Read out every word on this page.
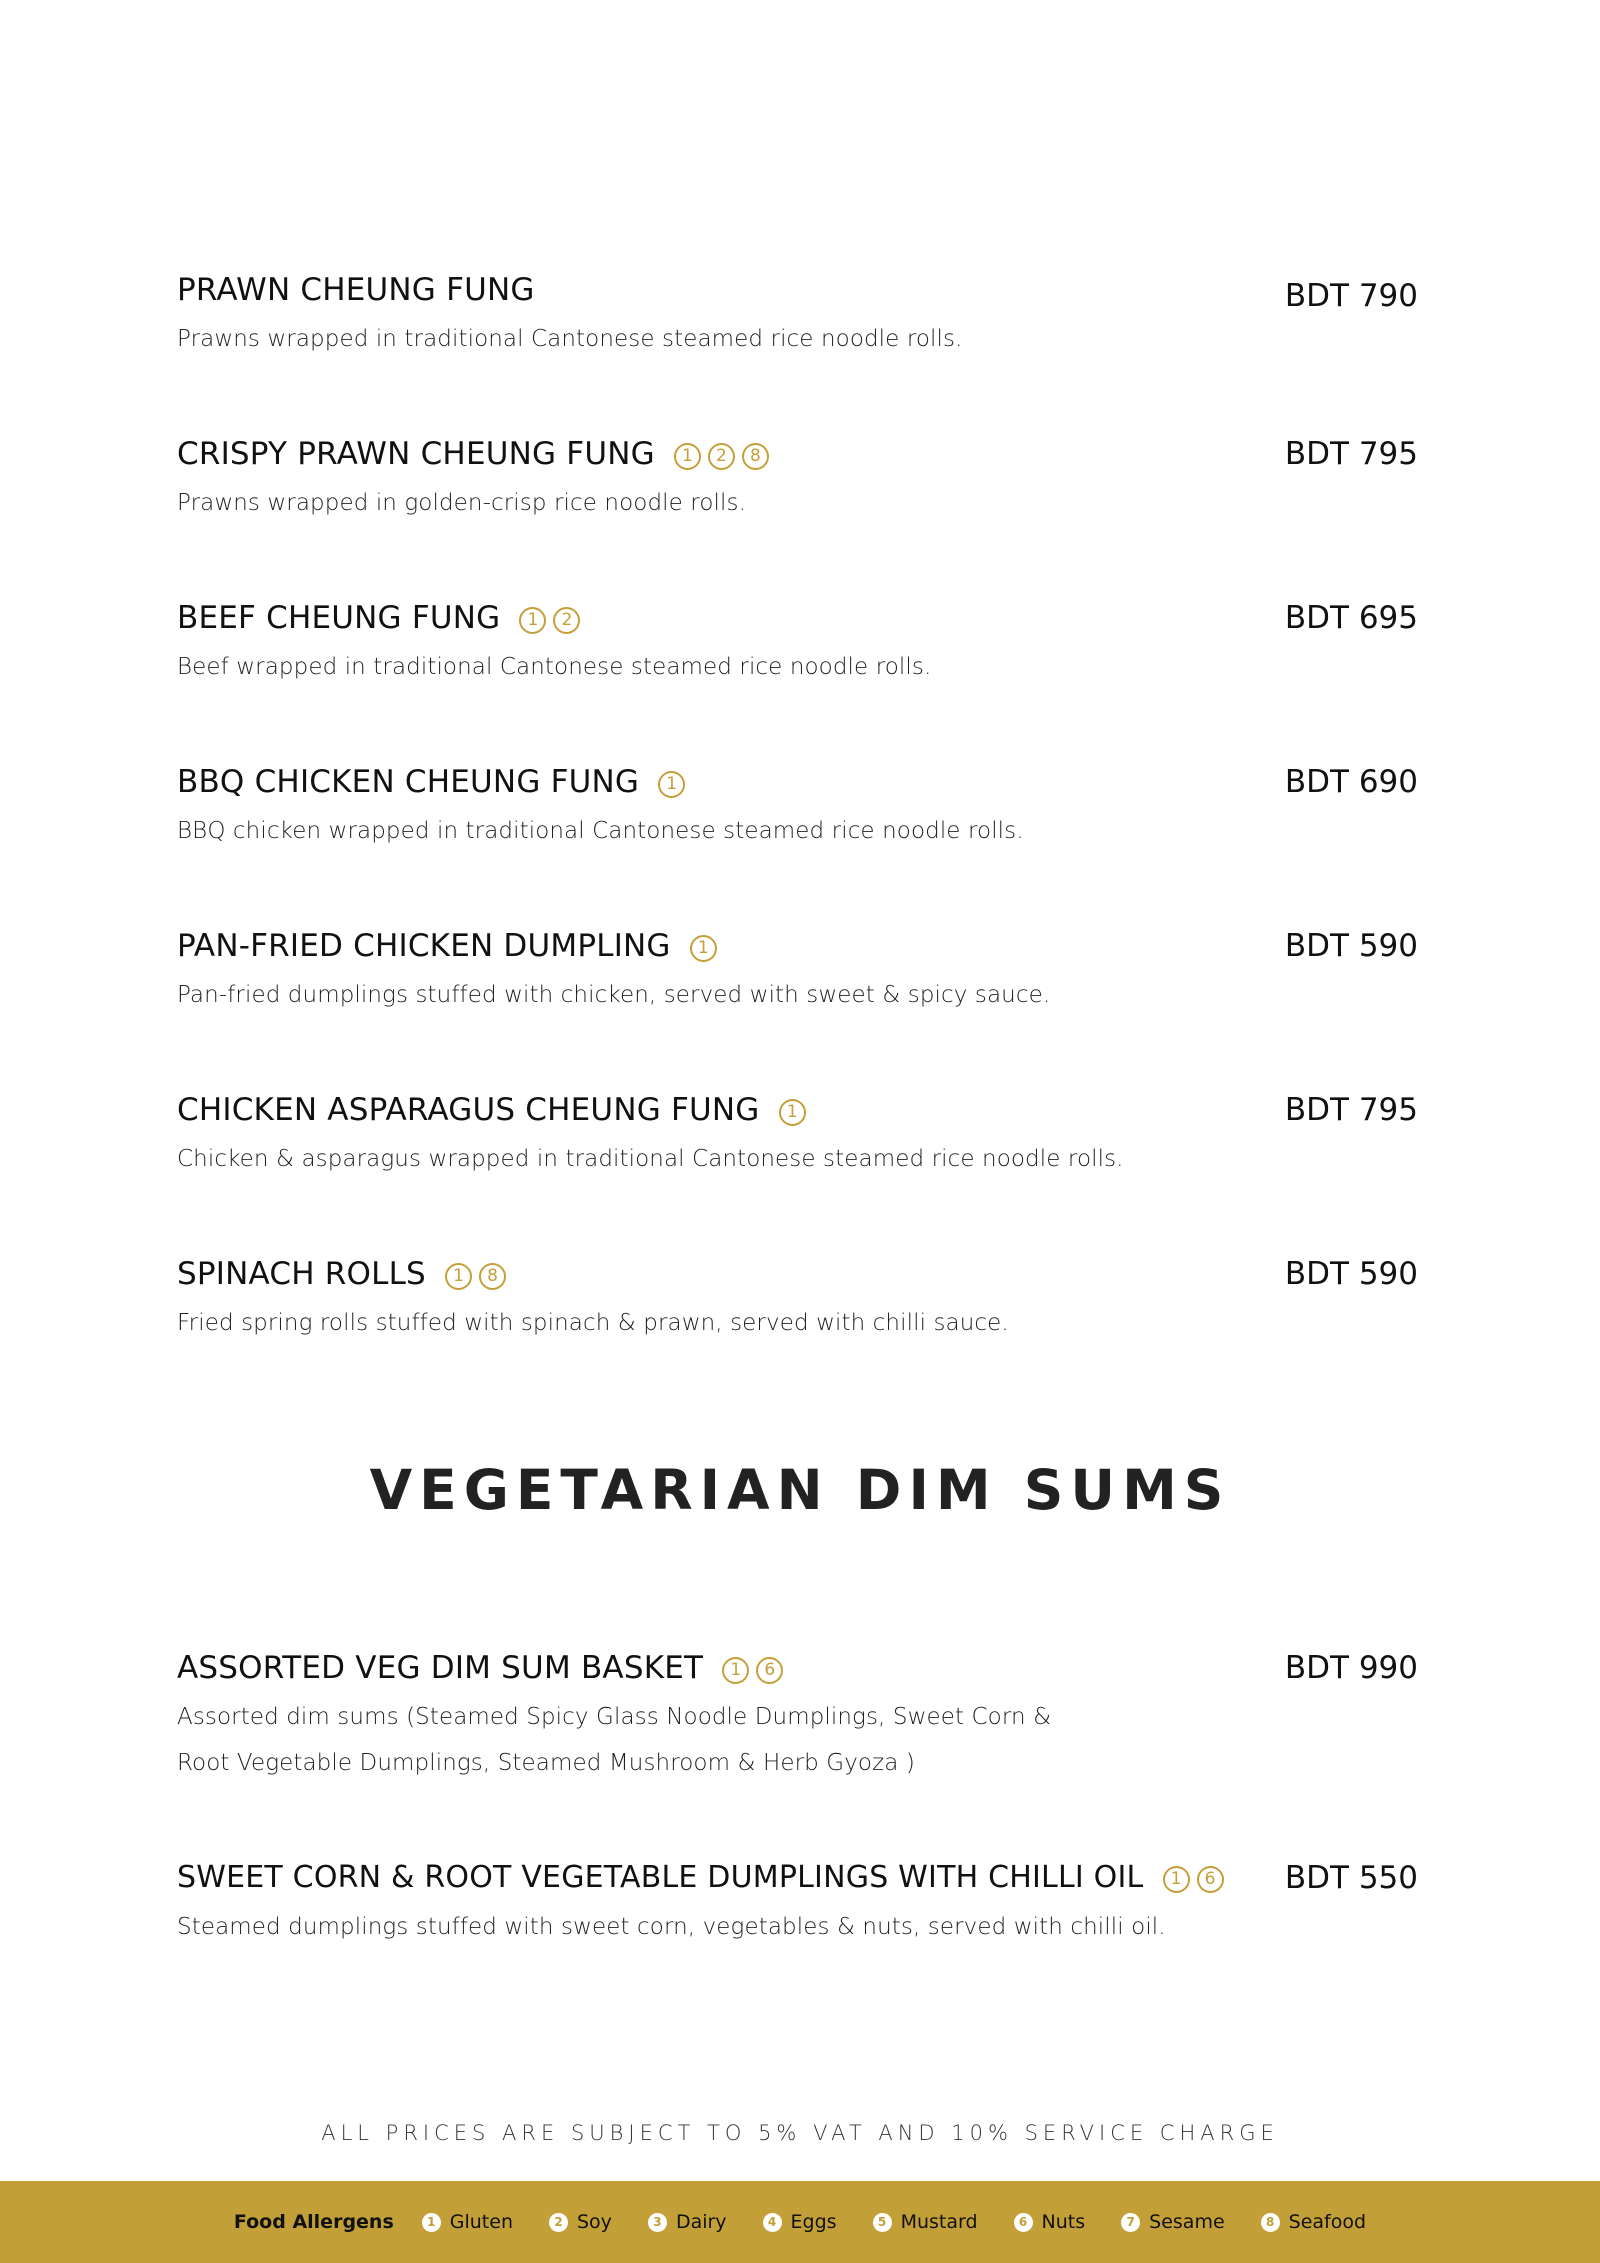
PRAWN CHEUNG FUNG	BDT 790
Prawns wrapped in traditional Cantonese steamed rice noodle rolls.
CRISPY PRAWN CHEUNG FUNG 1 2 8	BDT 795
Prawns wrapped in golden-crisp rice noodle rolls.
BEEF CHEUNG FUNG 1 2	BDT 695
Beef wrapped in traditional Cantonese steamed rice noodle rolls.
BBQ CHICKEN CHEUNG FUNG 1	BDT 690
BBQ chicken wrapped in traditional Cantonese steamed rice noodle rolls.
PAN-FRIED CHICKEN DUMPLING 1	BDT 590
Pan-fried dumplings stuffed with chicken, served with sweet & spicy sauce.
CHICKEN ASPARAGUS CHEUNG FUNG 1	BDT 795
Chicken & asparagus wrapped in traditional Cantonese steamed rice noodle rolls.
SPINACH ROLLS 1 8	BDT 590
Fried spring rolls stuffed with spinach & prawn, served with chilli sauce.
VEGETARIAN DIM SUMS
ASSORTED VEG DIM SUM BASKET 1 6	BDT 990
Assorted dim sums (Steamed Spicy Glass Noodle Dumplings, Sweet Corn & Root Vegetable Dumplings, Steamed Mushroom & Herb Gyoza )
SWEET CORN & ROOT VEGETABLE DUMPLINGS WITH CHILLI OIL 1 6 BDT 550
Steamed dumplings stuffed with sweet corn, vegetables & nuts, served with chilli oil.
ALL PRICES ARE SUBJECT TO 5% VAT AND 10% SERVICE CHARGE
Food Allergens	1 Gluten	2 Soy	3 Dairy	4 Eggs	5 Mustard	6 Nuts	7 Sesame	8 Seafood
